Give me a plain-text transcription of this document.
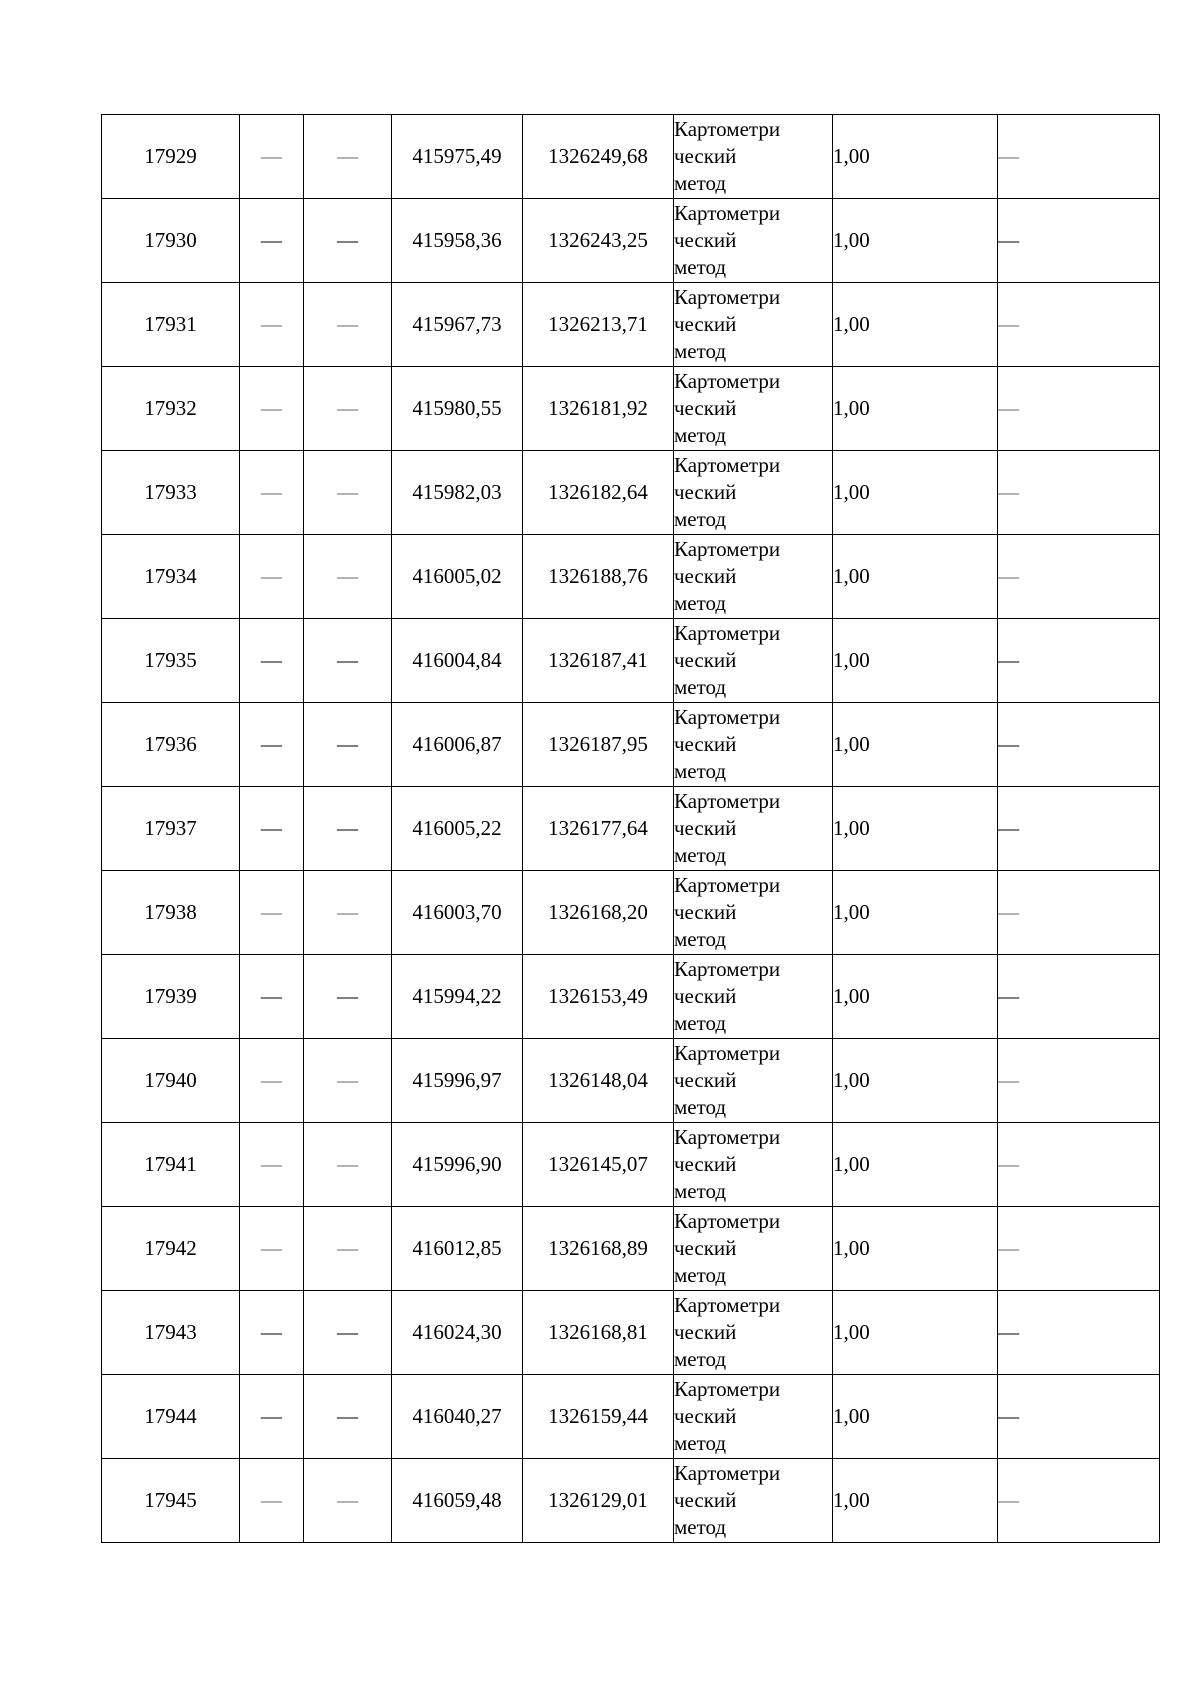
17929	—	—	415975,49	1326249,68	Картометри
ческий
метод	1,00	—
17930	—	—	415958,36	1326243,25	Картометри
ческий
метод	1,00	—
17931	—	—	415967,73	1326213,71	Картометри
ческий
метод	1,00	—
17932	—	—	415980,55	1326181,92	Картометри
ческий
метод	1,00	—
17933	—	—	415982,03	1326182,64	Картометри
ческий
метод	1,00	—
17934	—	—	416005,02	1326188,76	Картометри
ческий
метод	1,00	—
17935	—	—	416004,84	1326187,41	Картометри
ческий
метод	1,00	—
17936	—	—	416006,87	1326187,95	Картометри
ческий
метод	1,00	—
17937	—	—	416005,22	1326177,64	Картометри
ческий
метод	1,00	—
17938	—	—	416003,70	1326168,20	Картометри
ческий
метод	1,00	—
17939	—	—	415994,22	1326153,49	Картометри
ческий
метод	1,00	—
17940	—	—	415996,97	1326148,04	Картометри
ческий
метод	1,00	—
17941	—	—	415996,90	1326145,07	Картометри
ческий
метод	1,00	—
17942	—	—	416012,85	1326168,89	Картометри
ческий
метод	1,00	—
17943	—	—	416024,30	1326168,81	Картометри
ческий
метод	1,00	—
17944	—	—	416040,27	1326159,44	Картометри
ческий
метод	1,00	—
17945	—	—	416059,48	1326129,01	Картометри
ческий
метод	1,00	—
